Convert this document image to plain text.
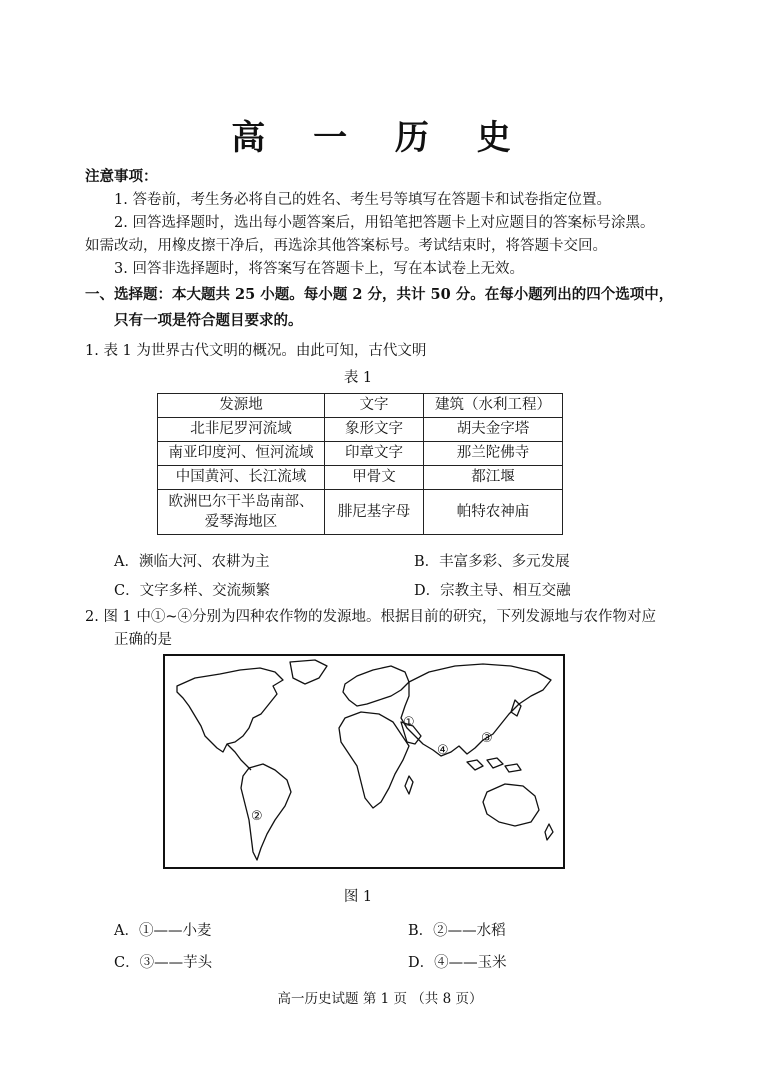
高 一 历 史
注意事项：
1. 答卷前，考生务必将自己的姓名、考生号等填写在答题卡和试卷指定位置。
2. 回答选择题时，选出每小题答案后，用铅笔把答题卡上对应题目的答案标号涂黑。
如需改动，用橡皮擦干净后，再选涂其他答案标号。考试结束时，将答题卡交回。
3. 回答非选择题时，将答案写在答题卡上，写在本试卷上无效。
一、选择题：本大题共 25 小题。每小题 2 分，共计 50 分。在每小题列出的四个选项中，
只有一项是符合题目要求的。
1. 表 1 为世界古代文明的概况。由此可知，古代文明
表 1
发源地	文字	建筑（水利工程）
北非尼罗河流域	象形文字	胡夫金字塔
南亚印度河、恒河流域	印章文字	那兰陀佛寺
中国黄河、长江流域	甲骨文	都江堰

欧洲巴尔干半岛南部、
爱琴海地区	腓尼基字母	帕特农神庙
A．濒临大河、农耕为主	B．丰富多彩、多元发展
C．文字多样、交流频繁	D．宗教主导、相互交融
2. 图 1 中①~④分别为四种农作物的发源地。根据目前的研究，下列发源地与农作物对应
正确的是
①
②
③
④
图 1
A．①——小麦	B．②——水稻
C．③——芋头	D．④——玉米
高一历史试题 第 1 页 （共 8 页）
